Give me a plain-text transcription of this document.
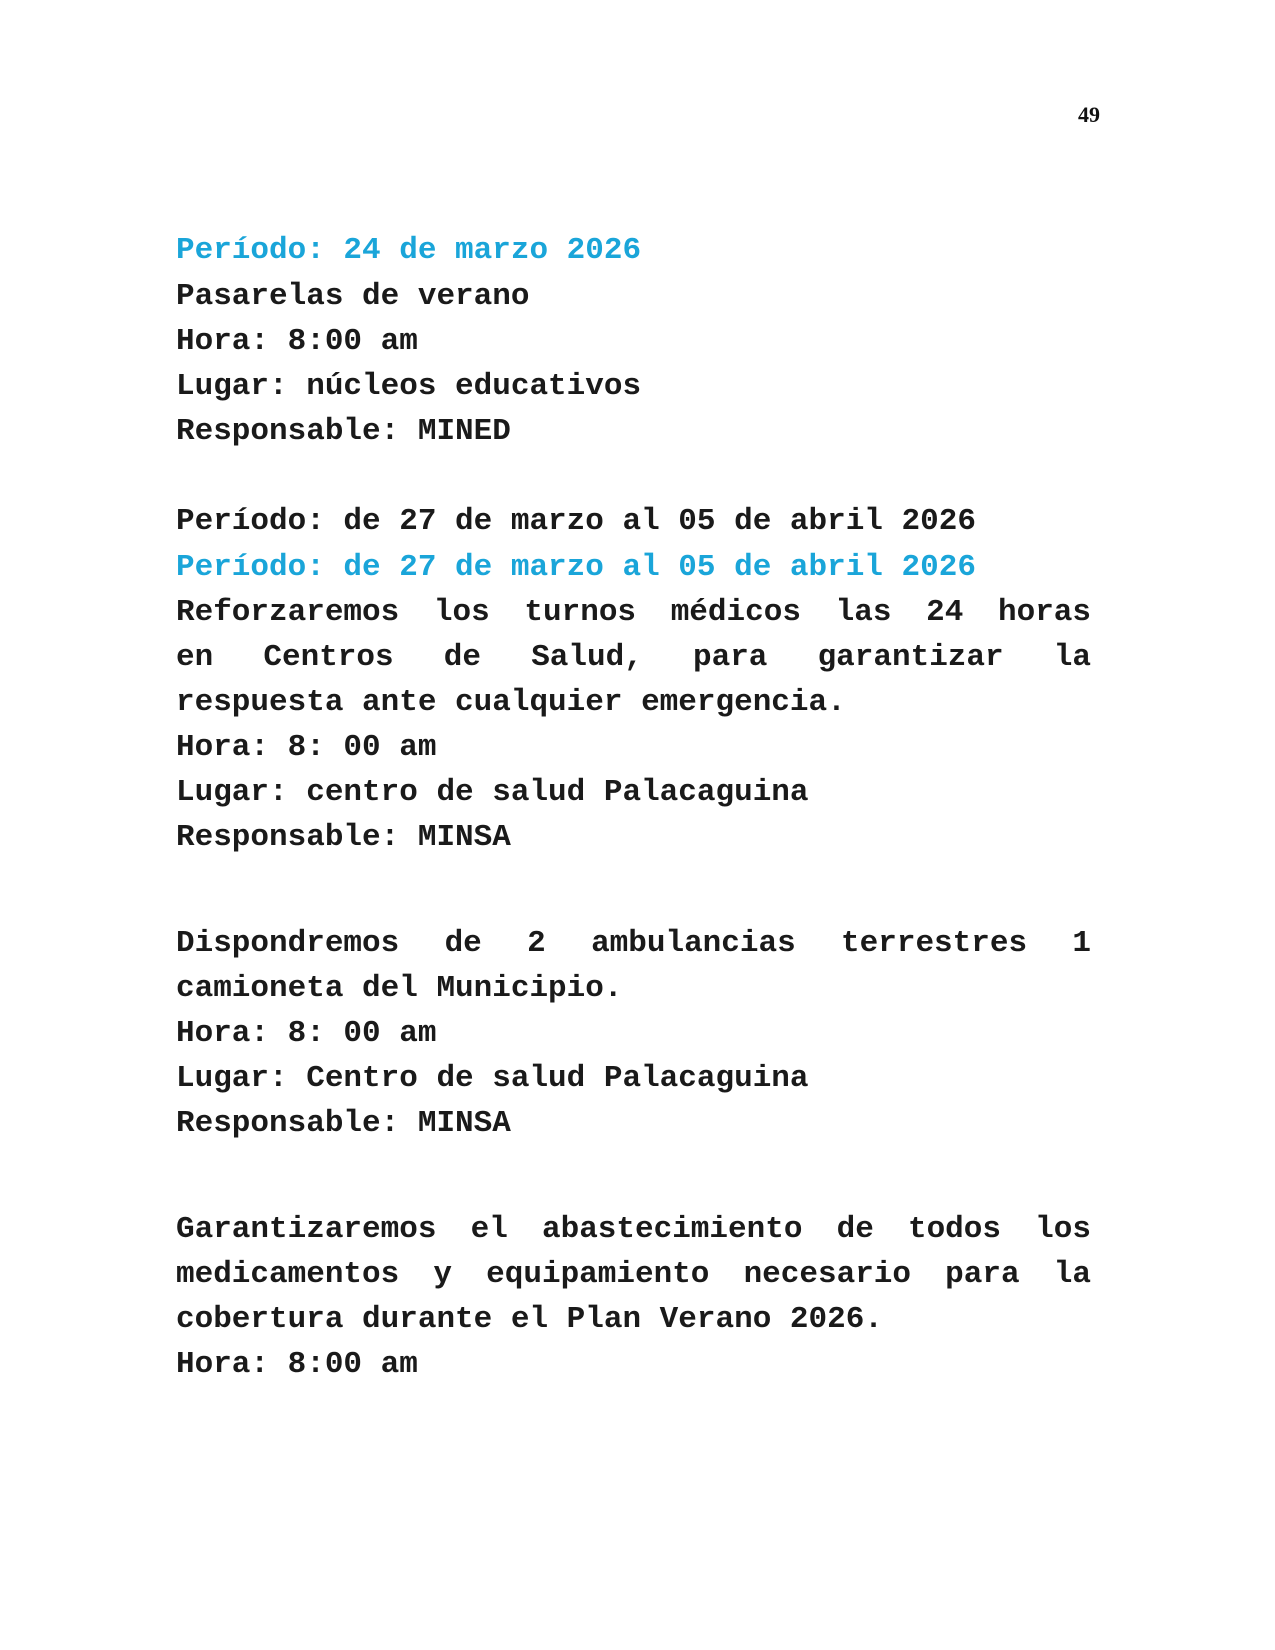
49
Período: 24 de marzo 2026
Pasarelas de verano
Hora: 8:00 am
Lugar: núcleos educativos
Responsable: MINED
Período: de 27 de marzo al 05 de abril 2026
Período: de 27 de marzo al 05 de abril 2026
Reforzaremos los turnos médicos las 24 horas
en Centros de Salud, para garantizar la
respuesta ante cualquier emergencia.
Hora: 8: 00 am
Lugar: centro de salud Palacaguina
Responsable: MINSA
Dispondremos de 2 ambulancias terrestres 1
camioneta del Municipio.
Hora: 8: 00 am
Lugar: Centro de salud Palacaguina
Responsable: MINSA
Garantizaremos el abastecimiento de todos los
medicamentos y equipamiento necesario para la
cobertura durante el Plan Verano 2026.
Hora: 8:00 am
